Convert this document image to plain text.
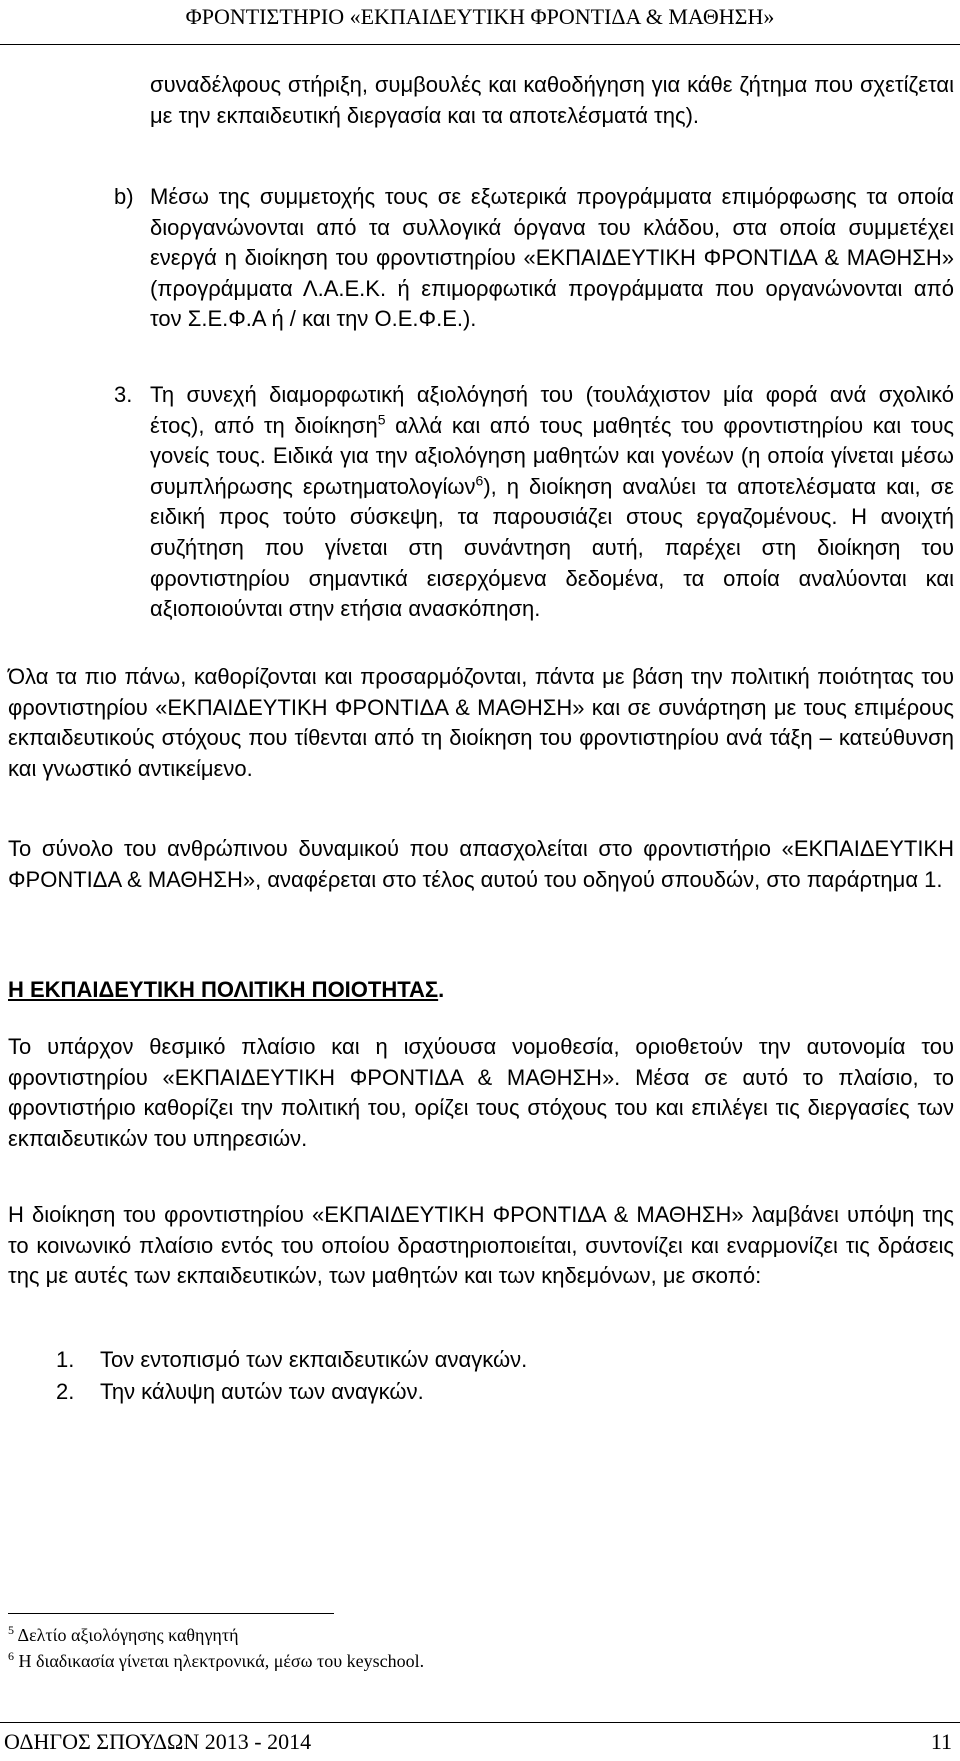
ΦΡΟΝΤΙΣΤΗΡΙΟ «ΕΚΠΑΙΔΕΥΤΙΚΗ ΦΡΟΝΤΙΔΑ & ΜΑΘΗΣΗ»

συναδέλφους στήριξη, συμβουλές και καθοδήγηση για κάθε ζήτημα που σχετίζεται με την εκπαιδευτική διεργασία και τα αποτελέσματά της).

b) Μέσω της συμμετοχής τους σε εξωτερικά προγράμματα επιμόρφωσης τα οποία διοργανώνονται από τα συλλογικά όργανα του κλάδου, στα οποία συμμετέχει ενεργά η διοίκηση του φροντιστηρίου «ΕΚΠΑΙΔΕΥΤΙΚΗ ΦΡΟΝΤΙΔΑ & ΜΑΘΗΣΗ» (προγράμματα Λ.Α.Ε.Κ. ή επιμορφωτικά προγράμματα που οργανώνονται από τον Σ.Ε.Φ.Α ή / και την Ο.Ε.Φ.Ε.).

3. Τη συνεχή διαμορφωτική αξιολόγησή του (τουλάχιστον μία φορά ανά σχολικό έτος), από τη διοίκηση$^5$ αλλά και από τους μαθητές του φροντιστηρίου και τους γονείς τους. Ειδικά για την αξιολόγηση μαθητών και γονέων (η οποία γίνεται μέσω συμπλήρωσης ερωτηματολογίων$^6$), η διοίκηση αναλύει τα αποτελέσματα και, σε ειδική προς τούτο σύσκεψη, τα παρουσιάζει στους εργαζομένους. Η ανοιχτή συζήτηση που γίνεται στη συνάντηση αυτή, παρέχει στη διοίκηση του φροντιστηρίου σημαντικά εισερχόμενα δεδομένα, τα οποία αναλύονται και αξιοποιούνται στην ετήσια ανασκόπηση.

Όλα τα πιο πάνω, καθορίζονται και προσαρμόζονται, πάντα με βάση την πολιτική ποιότητας του φροντιστηρίου «ΕΚΠΑΙΔΕΥΤΙΚΗ ΦΡΟΝΤΙΔΑ & ΜΑΘΗΣΗ» και σε συνάρτηση με τους επιμέρους εκπαιδευτικούς στόχους που τίθενται από τη διοίκηση του φροντιστηρίου ανά τάξη – κατεύθυνση και γνωστικό αντικείμενο.

Το σύνολο του ανθρώπινου δυναμικού που απασχολείται στο φροντιστήριο «ΕΚΠΑΙΔΕΥΤΙΚΗ ΦΡΟΝΤΙΔΑ & ΜΑΘΗΣΗ», αναφέρεται στο τέλος αυτού του οδηγού σπουδών, στο παράρτημα 1.

Η ΕΚΠΑΙΔΕΥΤΙΚΗ ΠΟΛΙΤΙΚΗ ΠΟΙΟΤΗΤΑΣ.

Το υπάρχον θεσμικό πλαίσιο και η ισχύουσα νομοθεσία, οριοθετούν την αυτονομία του φροντιστηρίου «ΕΚΠΑΙΔΕΥΤΙΚΗ ΦΡΟΝΤΙΔΑ & ΜΑΘΗΣΗ». Μέσα σε αυτό το πλαίσιο, το φροντιστήριο καθορίζει την πολιτική του, ορίζει τους στόχους του και επιλέγει τις διεργασίες των εκπαιδευτικών του υπηρεσιών.

Η διοίκηση του φροντιστηρίου «ΕΚΠΑΙΔΕΥΤΙΚΗ ΦΡΟΝΤΙΔΑ & ΜΑΘΗΣΗ» λαμβάνει υπόψη της το κοινωνικό πλαίσιο εντός του οποίου δραστηριοποιείται, συντονίζει και εναρμονίζει τις δράσεις της με αυτές των εκπαιδευτικών, των μαθητών και των κηδεμόνων, με σκοπό:

1. Τον εντοπισμό των εκπαιδευτικών αναγκών.
2. Την κάλυψη αυτών των αναγκών.
$^5$ Δελτίο αξιολόγησης καθηγητή
$^6$ Η διαδικασία γίνεται ηλεκτρονικά, μέσω του keyschool.
ΟΔΗΓΟΣ ΣΠΟΥΔΩΝ 2013 - 2014	11
